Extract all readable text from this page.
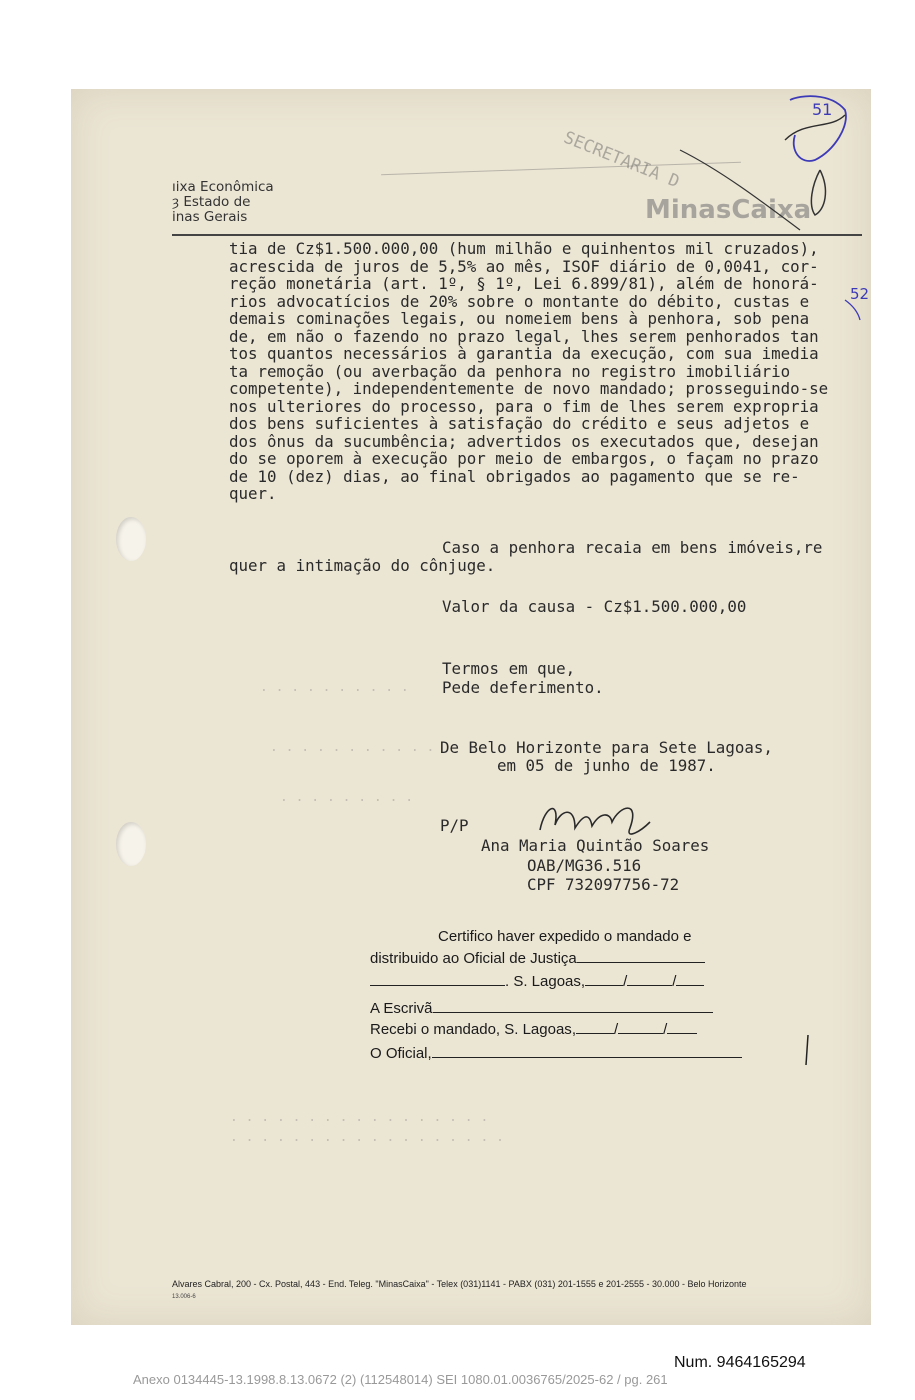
SECRETARIA D
ıixa Econômica
ȝ Estado de
inas Gerais	MinasCaixa
51
52
tia de Cz$1.500.000,00 (hum milhão e quinhentos mil cruzados),
acrescida de juros de 5,5% ao mês, ISOF diário de 0,0041, cor-
reção monetária (art. 1º, § 1º, Lei 6.899/81), além de honorá-
rios advocatícios de 20% sobre o montante do débito, custas e
demais cominações legais, ou nomeiem bens à penhora, sob pena
de, em não o fazendo no prazo legal, lhes serem penhorados tan
tos quantos necessários à garantia da execução, com sua imedia
ta remoção (ou averbação da penhora no registro imobiliário
competente), independentemente de novo mandado; prosseguindo-se
nos ulteriores do processo, para o fim de lhes serem expropria
dos bens suficientes à satisfação do crédito e seus adjetos e
dos ônus da sucumbência; advertidos os executados que, desejan
do se oporem à execução por meio de embargos, o façam no prazo
de 10 (dez) dias, ao final obrigados ao pagamento que se re-
quer.
Caso a penhora recaia em bens imóveis,re
quer a intimação do cônjuge.
Valor da causa - Cz$1.500.000,00
Termos em que,
Pede deferimento.
De Belo Horizonte para Sete Lagoas,
em 05 de junho de 1987.
P/P
Ana Maria Quintão Soares
OAB/MG36.516
CPF 732097756-72
. . . . . . . . . .
. . . . . . . . . . .
. . . . . . . . .
. . . . . . . . . . . . . . . . .
. . . . . . . . . . . . . . . . . .
Certifico haver expedido o mandado e
distribuido ao Oficial de Justiça
. S. Lagoas,	/	/
A Escrivã
Recebi o mandado, S. Lagoas,	/	/
O Oficial,
Alvares Cabral, 200 - Cx. Postal, 443 - End. Teleg. "MinasCaixa" - Telex (031)1141 - PABX (031) 201-1555 e 201-2555 - 30.000 - Belo Horizonte
13.006-6
Num. 9464165294
Anexo 0134445-13.1998.8.13.0672 (2) (112548014) SEI 1080.01.0036765/2025-62 / pg. 261
